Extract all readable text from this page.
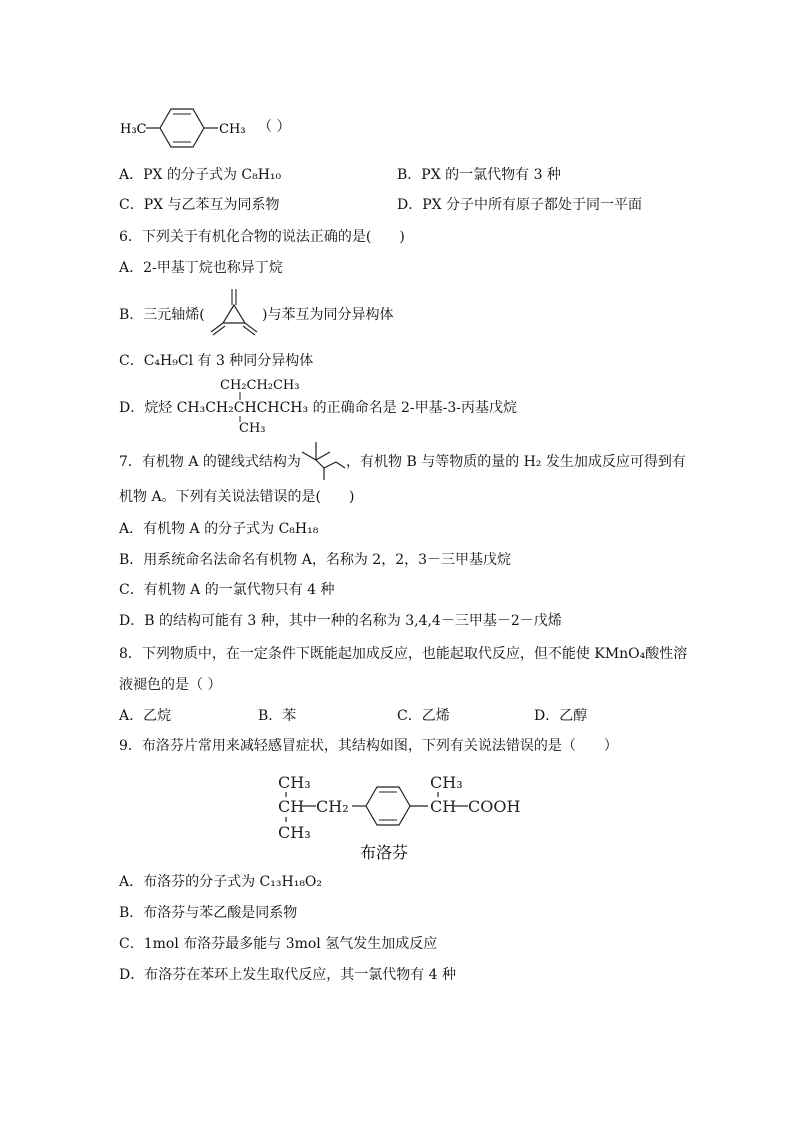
H₃C	CH₃ （ ）
A．PX 的分子式为 C₈H₁₀	B．PX 的一氯代物有 3 种
C．PX 与乙苯互为同系物	D．PX 分子中所有原子都处于同一平面
6．下列关于有机化合物的说法正确的是(　　)
A．2-甲基丁烷也称异丁烷
B．三元轴烯(	)与苯互为同分异构体
C．C₄H₉Cl 有 3 种同分异构体
CH₂CH₂CH₃
D．烷烃 CH₃CH₂CHCHCH₃ 的正确命名是 2-甲基-3-丙基戊烷
CH₃
7．有机物 A 的键线式结构为	，有机物 B 与等物质的量的 H₂ 发生加成反应可得到有
机物 A。下列有关说法错误的是(　　)
A．有机物 A 的分子式为 C₈H₁₈
B．用系统命名法命名有机物 A，名称为 2，2，3－三甲基戊烷
C．有机物 A 的一氯代物只有 4 种
D．B 的结构可能有 3 种，其中一种的名称为 3,4,4－三甲基－2－戊烯
8．下列物质中，在一定条件下既能起加成反应，也能起取代反应，但不能使 KMnO₄酸性溶
液褪色的是（ ）
A．乙烷	B．苯	C．乙烯	D．乙醇
9．布洛芬片常用来减轻感冒症状，其结构如图，下列有关说法错误的是（　　）
CH₃
CH
CH₃
CH₂
CH₃
CH COOH
布洛芬
A．布洛芬的分子式为 C₁₃H₁₈O₂
B．布洛芬与苯乙酸是同系物
C．1mol 布洛芬最多能与 3mol 氢气发生加成反应
D．布洛芬在苯环上发生取代反应，其一氯代物有 4 种
